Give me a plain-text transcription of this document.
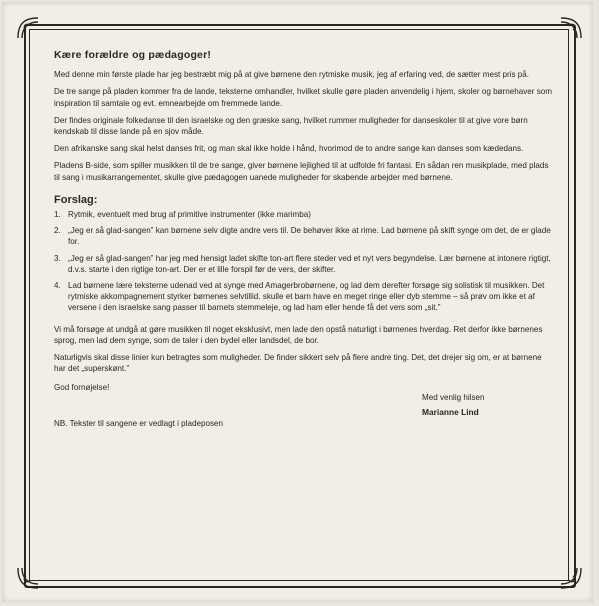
Kære forældre og pædagoger!

Med denne min første plade har jeg bestræbt mig på at give børnene den rytmiske musik, jeg af erfaring ved, de sætter mest pris på.

De tre sange på pladen kommer fra de lande, teksterne omhandler, hvilket skulle gøre pladen anvendelig i hjem, skoler og børnehaver som inspiration til samtale og evt. emnearbejde om fremmede lande.

Der findes originale folkedanse til den israelske og den græske sang, hvilket rummer muligheder for danseskoler til at give vore børn kendskab til disse lande på en sjov måde.

Den afrikanske sang skal helst danses frit, og man skal ikke holde i hånd, hvorimod de to andre sange kan danses som kædedans.

Pladens B-side, som spiller musikken til de tre sange, giver børnene lejlighed til at udfolde fri fantasi. En sådan ren musikplade, med plads til sang i musikarrangementet, skulle give pædagogen uanede muligheder for skabende arbejder med børnene.

Forslag:
1. Rytmik, eventuelt med brug af primitive instrumenter (ikke marimba)
2. „Jeg er så glad-sangen” kan børnene selv digte andre vers til. De behøver ikke at rime. Lad børnene på skift synge om det, de er glade for.
3. „Jeg er så glad-sangen” har jeg med hensigt ladet skifte ton-art flere steder ved et nyt vers begyndelse. Lær børnene at intonere rigtigt, d.v.s. starte i den rigtige ton-art. Der er et lille forspil før de vers, der skifter.
4. Lad børnene lære teksterne udenad ved at synge med Amagerbrobørnene, og lad dem derefter forsøge sig solistisk til musikken. Det rytmiske akkompagnement styrker børnenes selvtillid. skulle et barn have en meget ringe eller dyb stemme – så prøv om ikke et af versene i den israelske sang passer til barnets stemmeleje, og lad ham eller hende få det vers som „sit.”

Vi må forsøge at undgå at gøre musikken til noget eksklusivt, men lade den opstå naturligt i børnenes hverdag. Ret derfor ikke børnenes sprog, men lad dem synge, som de taler i den bydel eller landsdel, de bor.

Naturligvis skal disse linier kun betragtes som muligheder. De finder sikkert selv på flere andre ting. Det, det drejer sig om, er at børnene har det „superskønt.”

God fornøjelse!
Med venlig hilsen
Marianne Lind
NB. Tekster til sangene er vedlagt i pladeposen
